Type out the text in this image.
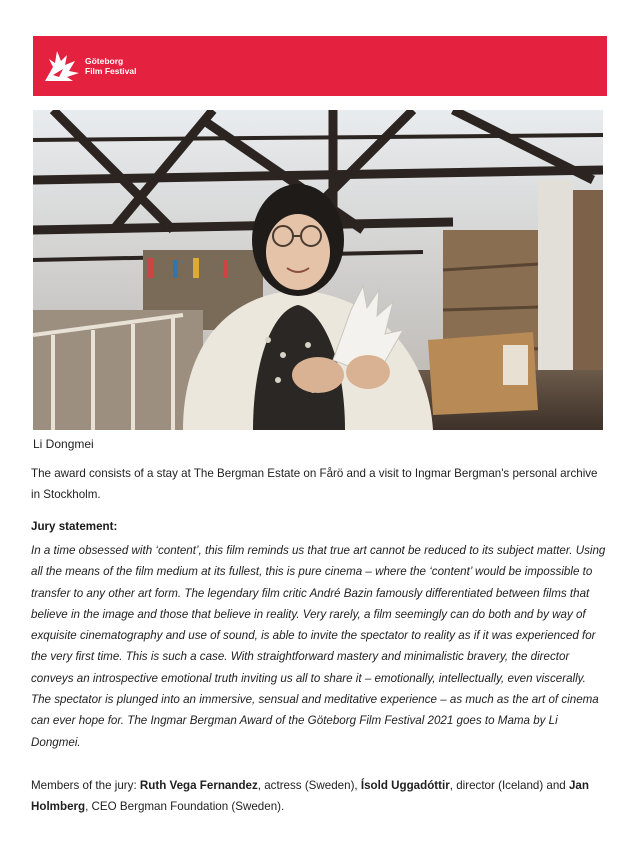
Göteborg
Film Festival
Li Dongmei
The award consists of a stay at The Bergman Estate on Fårö and a visit to Ingmar Bergman's personal archive in Stockholm.
Jury statement:
In a time obsessed with ‘content’, this film reminds us that true art cannot be reduced to its subject matter. Using all the means of the film medium at its fullest, this is pure cinema – where the ‘content’ would be impossible to transfer to any other art form. The legendary film critic André Bazin famously differentiated between films that believe in the image and those that believe in reality. Very rarely, a film seemingly can do both and by way of exquisite cinematography and use of sound, is able to invite the spectator to reality as if it was experienced for the very first time. This is such a case. With straightforward mastery and minimalistic bravery, the director conveys an introspective emotional truth inviting us all to share it – emotionally, intellectually, even viscerally. The spectator is plunged into an immersive, sensual and meditative experience – as much as the art of cinema can ever hope for. The Ingmar Bergman Award of the Göteborg Film Festival 2021 goes to Mama by Li Dongmei.
Members of the jury: Ruth Vega Fernandez, actress (Sweden), Ísold Uggadóttir, director (Iceland) and Jan Holmberg, CEO Bergman Foundation (Sweden).
